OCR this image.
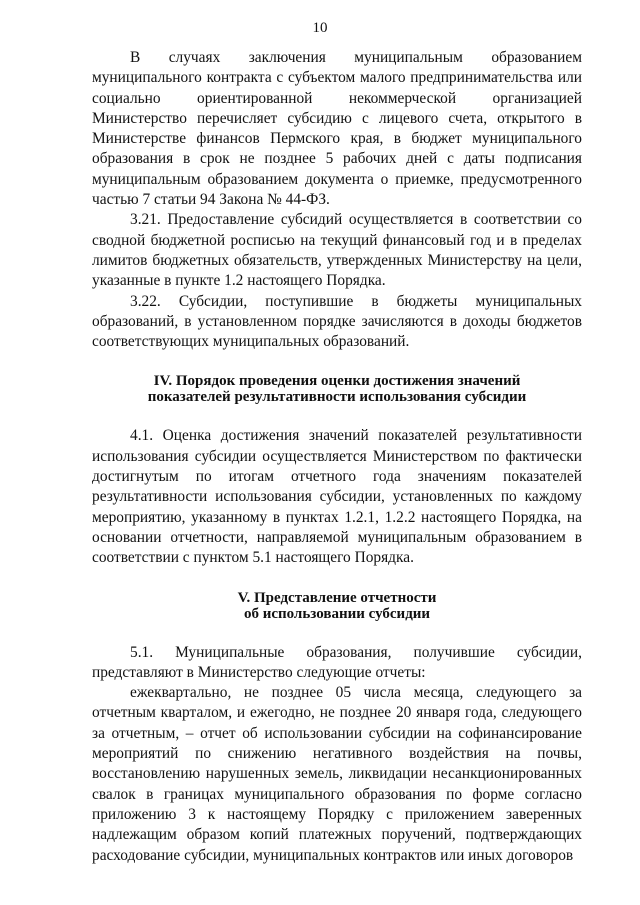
10

В случаях заключения муниципальным образованием муниципального контракта с субъектом малого предпринимательства или социально ориентированной некоммерческой организацией Министерство перечисляет субсидию с лицевого счета, открытого в Министерстве финансов Пермского края, в бюджет муниципального образования в срок не позднее 5 рабочих дней с даты подписания муниципальным образованием документа о приемке, предусмотренного частью 7 статьи 94 Закона № 44-ФЗ.

3.21. Предоставление субсидий осуществляется в соответствии со сводной бюджетной росписью на текущий финансовый год и в пределах лимитов бюджетных обязательств, утвержденных Министерству на цели, указанные в пункте 1.2 настоящего Порядка.

3.22. Субсидии, поступившие в бюджеты муниципальных образований, в установленном порядке зачисляются в доходы бюджетов соответствующих муниципальных образований.

IV. Порядок проведения оценки достижения значений
показателей результативности использования субсидии

4.1. Оценка достижения значений показателей результативности использования субсидии осуществляется Министерством по фактически достигнутым по итогам отчетного года значениям показателей результативности использования субсидии, установленных по каждому мероприятию, указанному в пунктах 1.2.1, 1.2.2 настоящего Порядка, на основании отчетности, направляемой муниципальным образованием в соответствии с пунктом 5.1 настоящего Порядка.

V. Представление отчетности
об использовании субсидии

5.1. Муниципальные образования, получившие субсидии, представляют в Министерство следующие отчеты:

ежеквартально, не позднее 05 числа месяца, следующего за отчетным кварталом, и ежегодно, не позднее 20 января года, следующего за отчетным, – отчет об использовании субсидии на софинансирование мероприятий по снижению негативного воздействия на почвы, восстановлению нарушенных земель, ликвидации несанкционированных свалок в границах муниципального образования по форме согласно приложению 3 к настоящему Порядку с приложением заверенных надлежащим образом копий платежных поручений, подтверждающих расходование субсидии, муниципальных контрактов или иных договоров
